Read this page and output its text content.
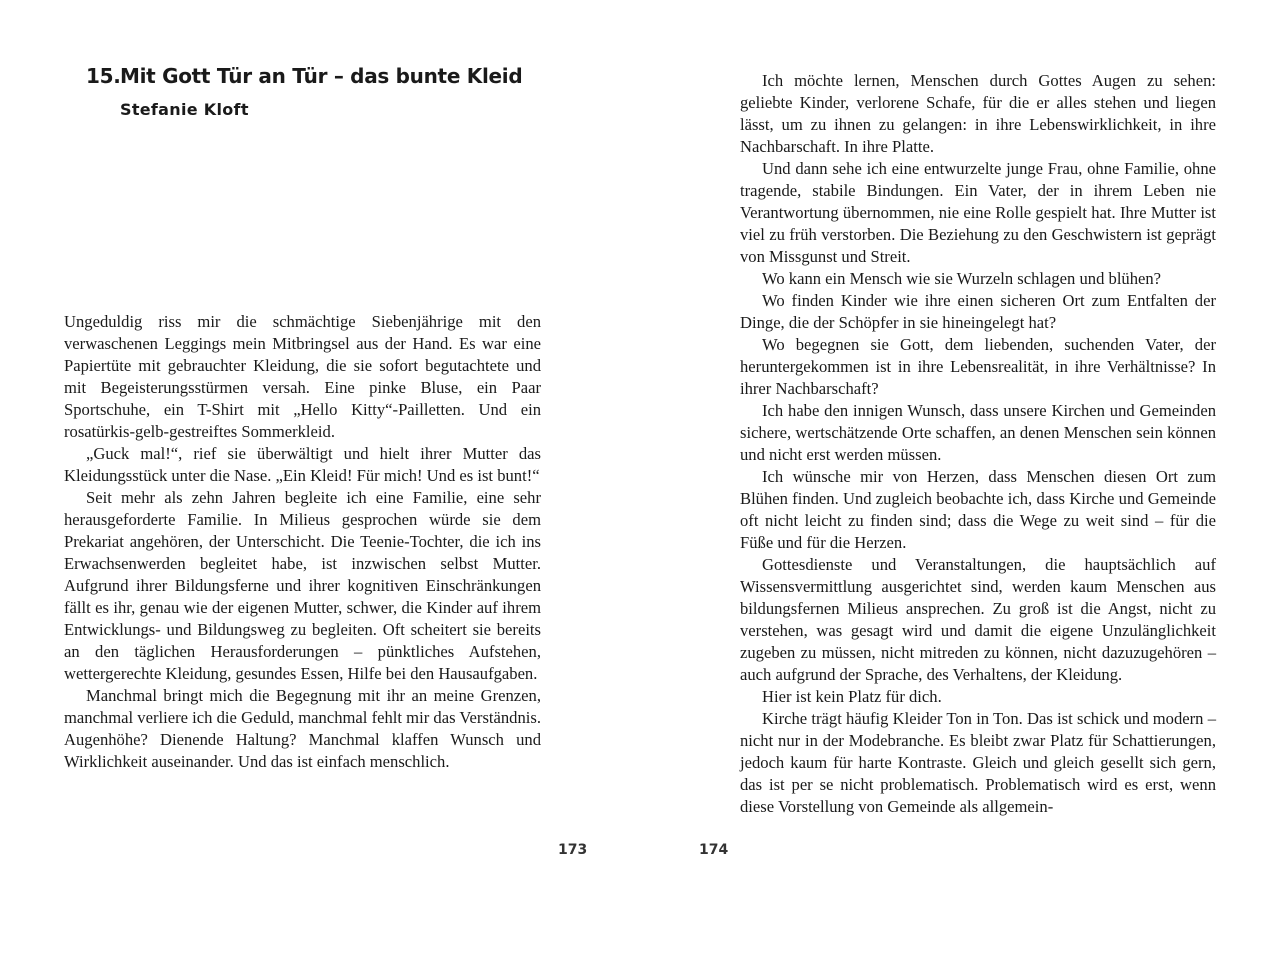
15.Mit Gott Tür an Tür – das bunte Kleid
Stefanie Kloft

Ungeduldig riss mir die schmächtige Siebenjährige mit den verwaschenen Leggings mein Mitbringsel aus der Hand. Es war eine Papiertüte mit gebrauchter Kleidung, die sie sofort begutachtete und mit Begeisterungsstürmen versah. Eine pinke Bluse, ein Paar Sportschuhe, ein T-Shirt mit „Hello Kitty“-Pailletten. Und ein rosatürkis-gelb-gestreiftes Sommerkleid.

„Guck mal!“, rief sie überwältigt und hielt ihrer Mutter das Kleidungsstück unter die Nase. „Ein Kleid! Für mich! Und es ist bunt!“

Seit mehr als zehn Jahren begleite ich eine Familie, eine sehr herausgeforderte Familie. In Milieus gesprochen würde sie dem Prekariat angehören, der Unterschicht. Die Teenie-Tochter, die ich ins Erwachsenwerden begleitet habe, ist inzwischen selbst Mutter. Aufgrund ihrer Bildungsferne und ihrer kognitiven Einschränkungen fällt es ihr, genau wie der eigenen Mutter, schwer, die Kinder auf ihrem Entwicklungs- und Bildungsweg zu begleiten. Oft scheitert sie bereits an den täglichen Herausforderungen – pünktliches Aufstehen, wettergerechte Kleidung, gesundes Essen, Hilfe bei den Hausaufgaben.

Manchmal bringt mich die Begegnung mit ihr an meine Grenzen, manchmal verliere ich die Geduld, manchmal fehlt mir das Verständnis. Augenhöhe? Dienende Haltung? Manchmal klaffen Wunsch und Wirklichkeit auseinander. Und das ist einfach menschlich.

173

Ich möchte lernen, Menschen durch Gottes Augen zu sehen: geliebte Kinder, verlorene Schafe, für die er alles stehen und liegen lässt, um zu ihnen zu gelangen: in ihre Lebenswirklichkeit, in ihre Nachbarschaft. In ihre Platte.

Und dann sehe ich eine entwurzelte junge Frau, ohne Familie, ohne tragende, stabile Bindungen. Ein Vater, der in ihrem Leben nie Verantwortung übernommen, nie eine Rolle gespielt hat. Ihre Mutter ist viel zu früh verstorben. Die Beziehung zu den Geschwistern ist geprägt von Missgunst und Streit.

Wo kann ein Mensch wie sie Wurzeln schlagen und blühen?

Wo finden Kinder wie ihre einen sicheren Ort zum Entfalten der Dinge, die der Schöpfer in sie hineingelegt hat?

Wo begegnen sie Gott, dem liebenden, suchenden Vater, der heruntergekommen ist in ihre Lebensrealität, in ihre Verhältnisse? In ihrer Nachbarschaft?

Ich habe den innigen Wunsch, dass unsere Kirchen und Gemeinden sichere, wertschätzende Orte schaffen, an denen Menschen sein können und nicht erst werden müssen.

Ich wünsche mir von Herzen, dass Menschen diesen Ort zum Blühen finden. Und zugleich beobachte ich, dass Kirche und Gemeinde oft nicht leicht zu finden sind; dass die Wege zu weit sind – für die Füße und für die Herzen.

Gottesdienste und Veranstaltungen, die hauptsächlich auf Wissensvermittlung ausgerichtet sind, werden kaum Menschen aus bildungsfernen Milieus ansprechen. Zu groß ist die Angst, nicht zu verstehen, was gesagt wird und damit die eigene Unzulänglichkeit zugeben zu müssen, nicht mitreden zu können, nicht dazuzugehören – auch aufgrund der Sprache, des Verhaltens, der Kleidung.

Hier ist kein Platz für dich.

Kirche trägt häufig Kleider Ton in Ton. Das ist schick und modern – nicht nur in der Modebranche. Es bleibt zwar Platz für Schattierungen, jedoch kaum für harte Kontraste. Gleich und gleich gesellt sich gern, das ist per se nicht problematisch. Problematisch wird es erst, wenn diese Vorstellung von Gemeinde als allgemein-

174
